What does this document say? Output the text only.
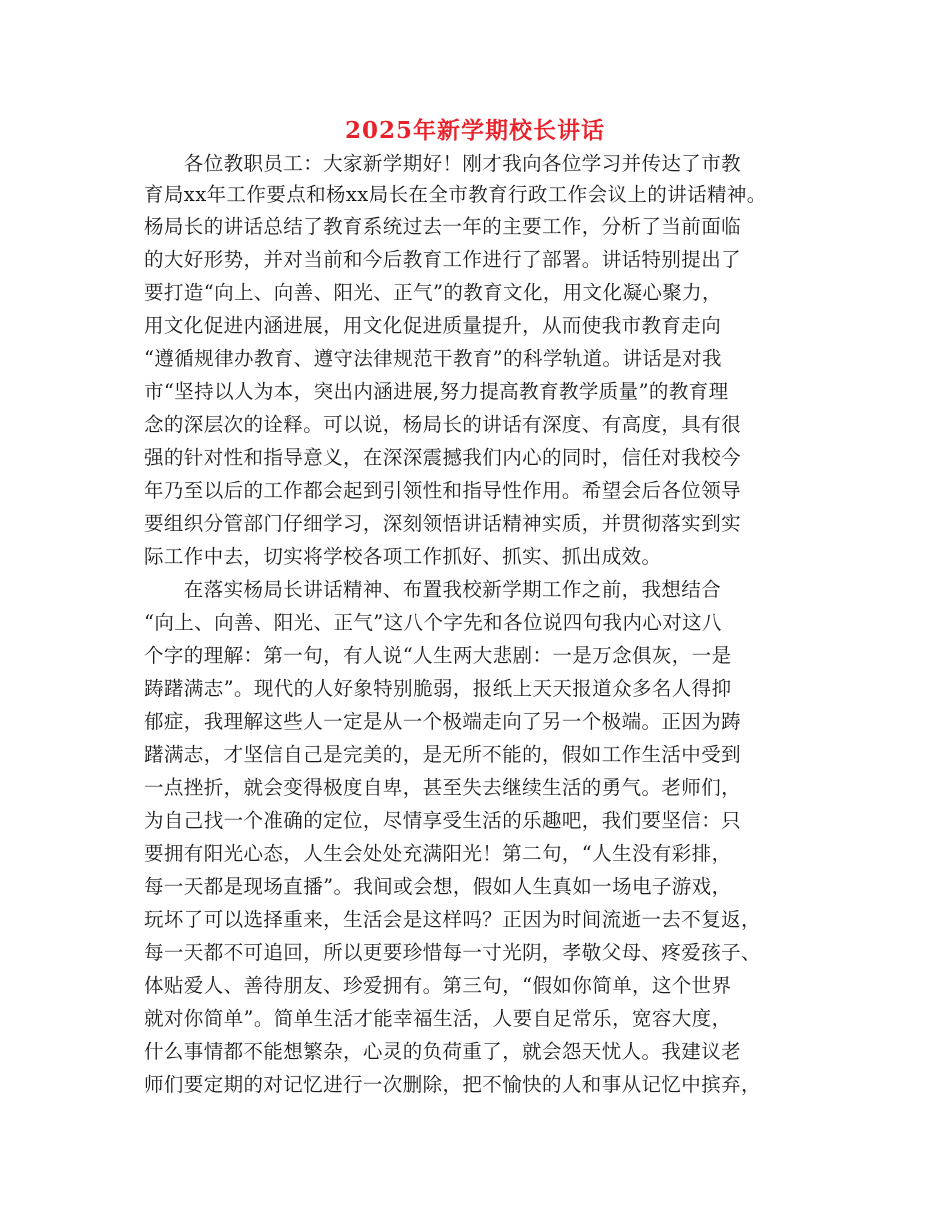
2025年新学期校长讲话
　　各位教职员工：大家新学期好！刚才我向各位学习并传达了市教
育局xx年工作要点和杨xx局长在全市教育行政工作会议上的讲话精神。
杨局长的讲话总结了教育系统过去一年的主要工作，分析了当前面临
的大好形势，并对当前和今后教育工作进行了部署。讲话特别提出了
要打造“向上、向善、阳光、正气”的教育文化，用文化凝心聚力，
用文化促进内涵进展，用文化促进质量提升，从而使我市教育走向
“遵循规律办教育、遵守法律规范干教育”的科学轨道。讲话是对我
市“坚持以人为本，突出内涵进展,努力提高教育教学质量”的教育理
念的深层次的诠释。可以说，杨局长的讲话有深度、有高度，具有很
强的针对性和指导意义，在深深震撼我们内心的同时，信任对我校今
年乃至以后的工作都会起到引领性和指导性作用。希望会后各位领导
要组织分管部门仔细学习，深刻领悟讲话精神实质，并贯彻落实到实
际工作中去，切实将学校各项工作抓好、抓实、抓出成效。
　　在落实杨局长讲话精神、布置我校新学期工作之前，我想结合
“向上、向善、阳光、正气”这八个字先和各位说四句我内心对这八
个字的理解：第一句，有人说“人生两大悲剧：一是万念俱灰，一是
踌躇满志”。现代的人好象特别脆弱，报纸上天天报道众多名人得抑
郁症，我理解这些人一定是从一个极端走向了另一个极端。正因为踌
躇满志，才坚信自己是完美的，是无所不能的，假如工作生活中受到
一点挫折，就会变得极度自卑，甚至失去继续生活的勇气。老师们，
为自己找一个准确的定位，尽情享受生活的乐趣吧，我们要坚信：只
要拥有阳光心态，人生会处处充满阳光！第二句，“人生没有彩排，
每一天都是现场直播”。我间或会想，假如人生真如一场电子游戏，
玩坏了可以选择重来，生活会是这样吗？正因为时间流逝一去不复返，
每一天都不可追回，所以更要珍惜每一寸光阴，孝敬父母、疼爱孩子、
体贴爱人、善待朋友、珍爱拥有。第三句，“假如你简单，这个世界
就对你简单”。简单生活才能幸福生活，人要自足常乐，宽容大度，
什么事情都不能想繁杂，心灵的负荷重了，就会怨天忧人。我建议老
师们要定期的对记忆进行一次删除，把不愉快的人和事从记忆中摈弃，
